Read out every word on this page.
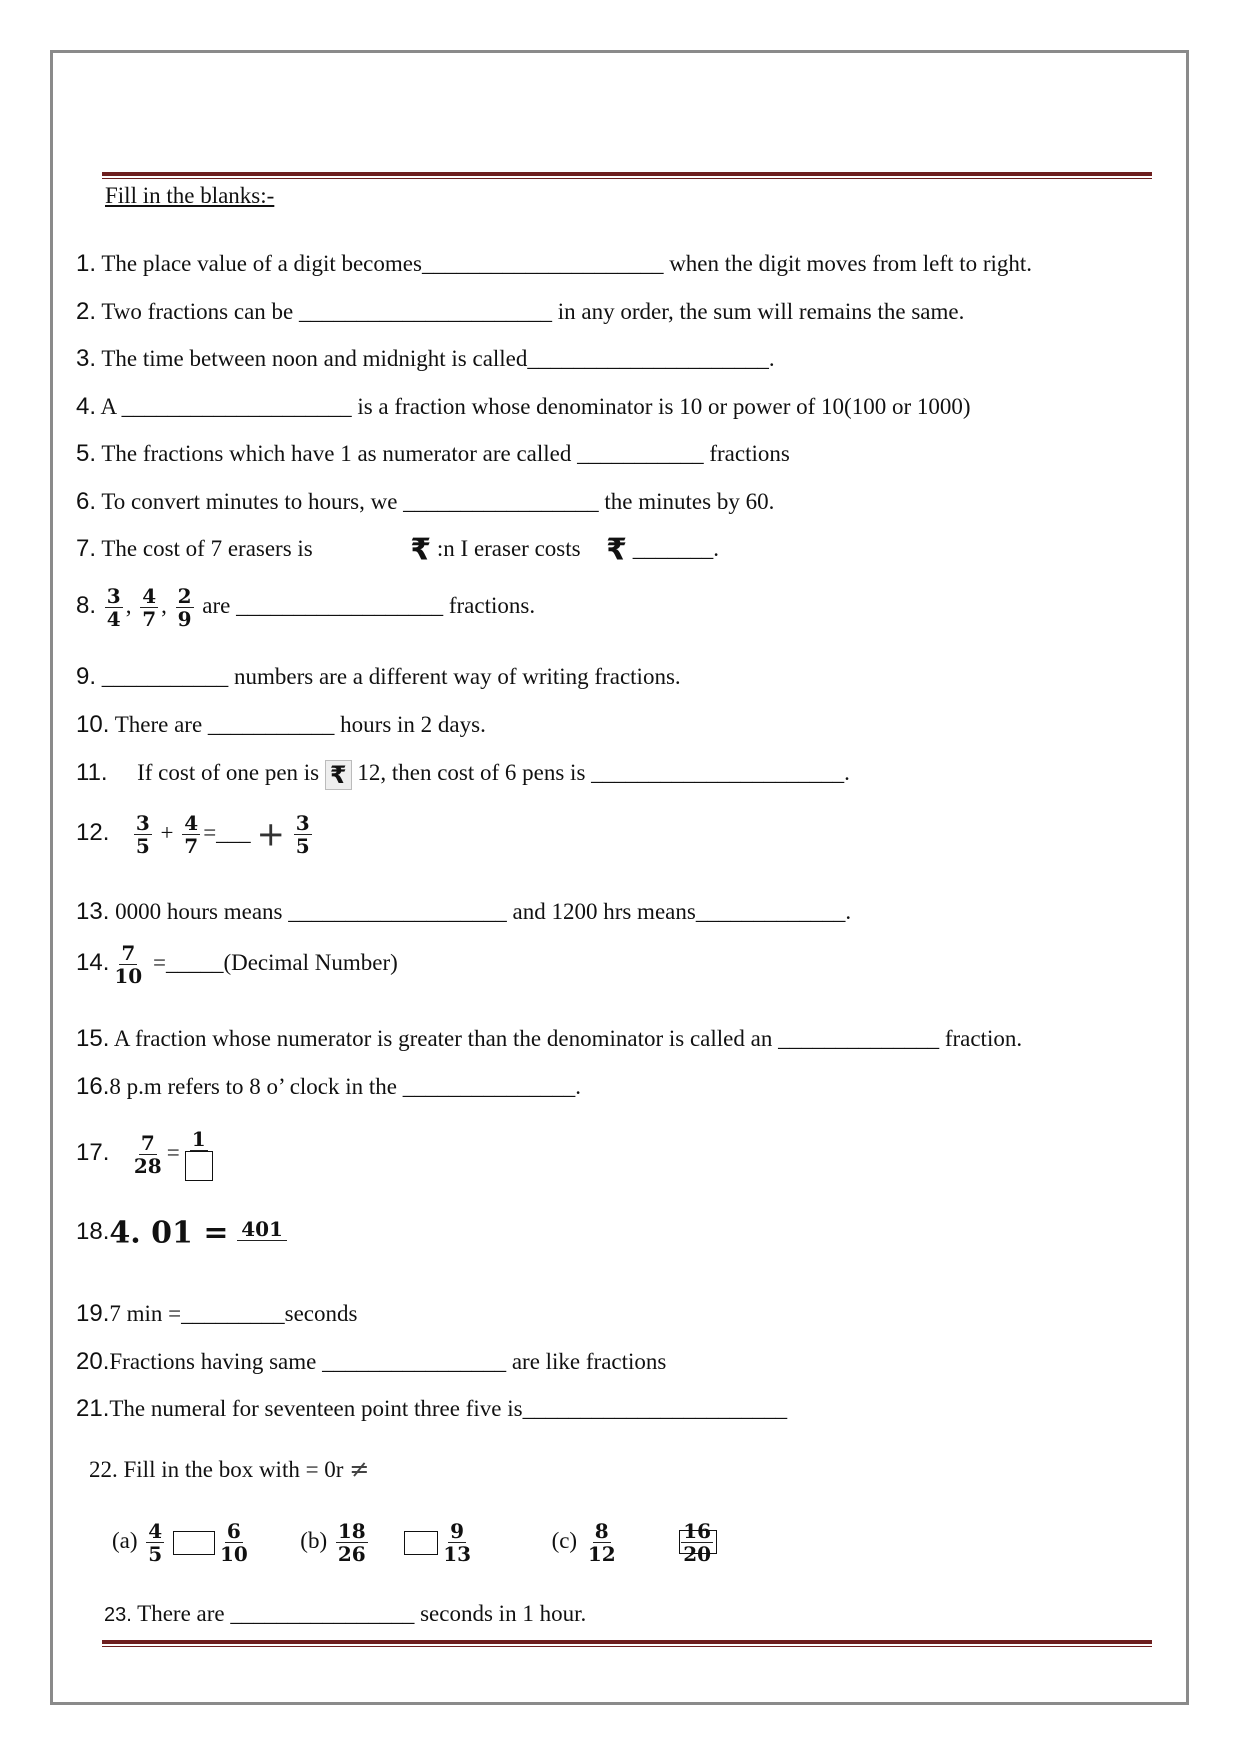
Fill in the blanks:-
1. The place value of a digit becomes_____________________ when the digit moves from left to right.
2. Two fractions can be ______________________ in any order, the sum will remains the same.
3. The time between noon and midnight is called_____________________.
4. A ____________________ is a fraction whose denominator is 10 or power of 10(100 or 1000)
5. The fractions which have 1 as numerator are called ___________ fractions
6. To convert minutes to hours, we _________________ the minutes by 60.
7. The cost of 7 erasers is	₹ :n I eraser costs ₹ _______.
8. $\frac{3}{4}$ , $\frac{4}{7}$ , $\frac{2}{9}$ are __________________ fractions.
9. ___________ numbers are a different way of writing fractions.
10. There are ___________ hours in 2 days.
11. If cost of one pen is ₹ 12, then cost of 6 pens is ______________________.
12. $\frac{3}{5} + \frac{4}{7}$ =___ + $\frac{3}{5}$
13. 0000 hours means ___________________ and 1200 hrs means_____________.
14. $\frac{7}{10}$ =_____(Decimal Number)
15. A fraction whose numerator is greater than the denominator is called an ______________ fraction.
16.8 p.m refers to 8 o’ clock in the _______________.
17. $\frac{7}{28}$ =
1
18.4. 01 = 401

19.7 min =_________seconds
20.Fractions having same ________________ are like fractions
21.The numeral for seventeen point three five is_______________________
22. Fill in the box with = 0r ≠
$(a) \frac{4}{5}$
	$\frac{6}{10} (b) \frac{18}{26}$
	$\frac{9}{13}$	$(c) \frac{8}{12}$
	$\frac{16}{20}$
23. There are ________________ seconds in 1 hour.
